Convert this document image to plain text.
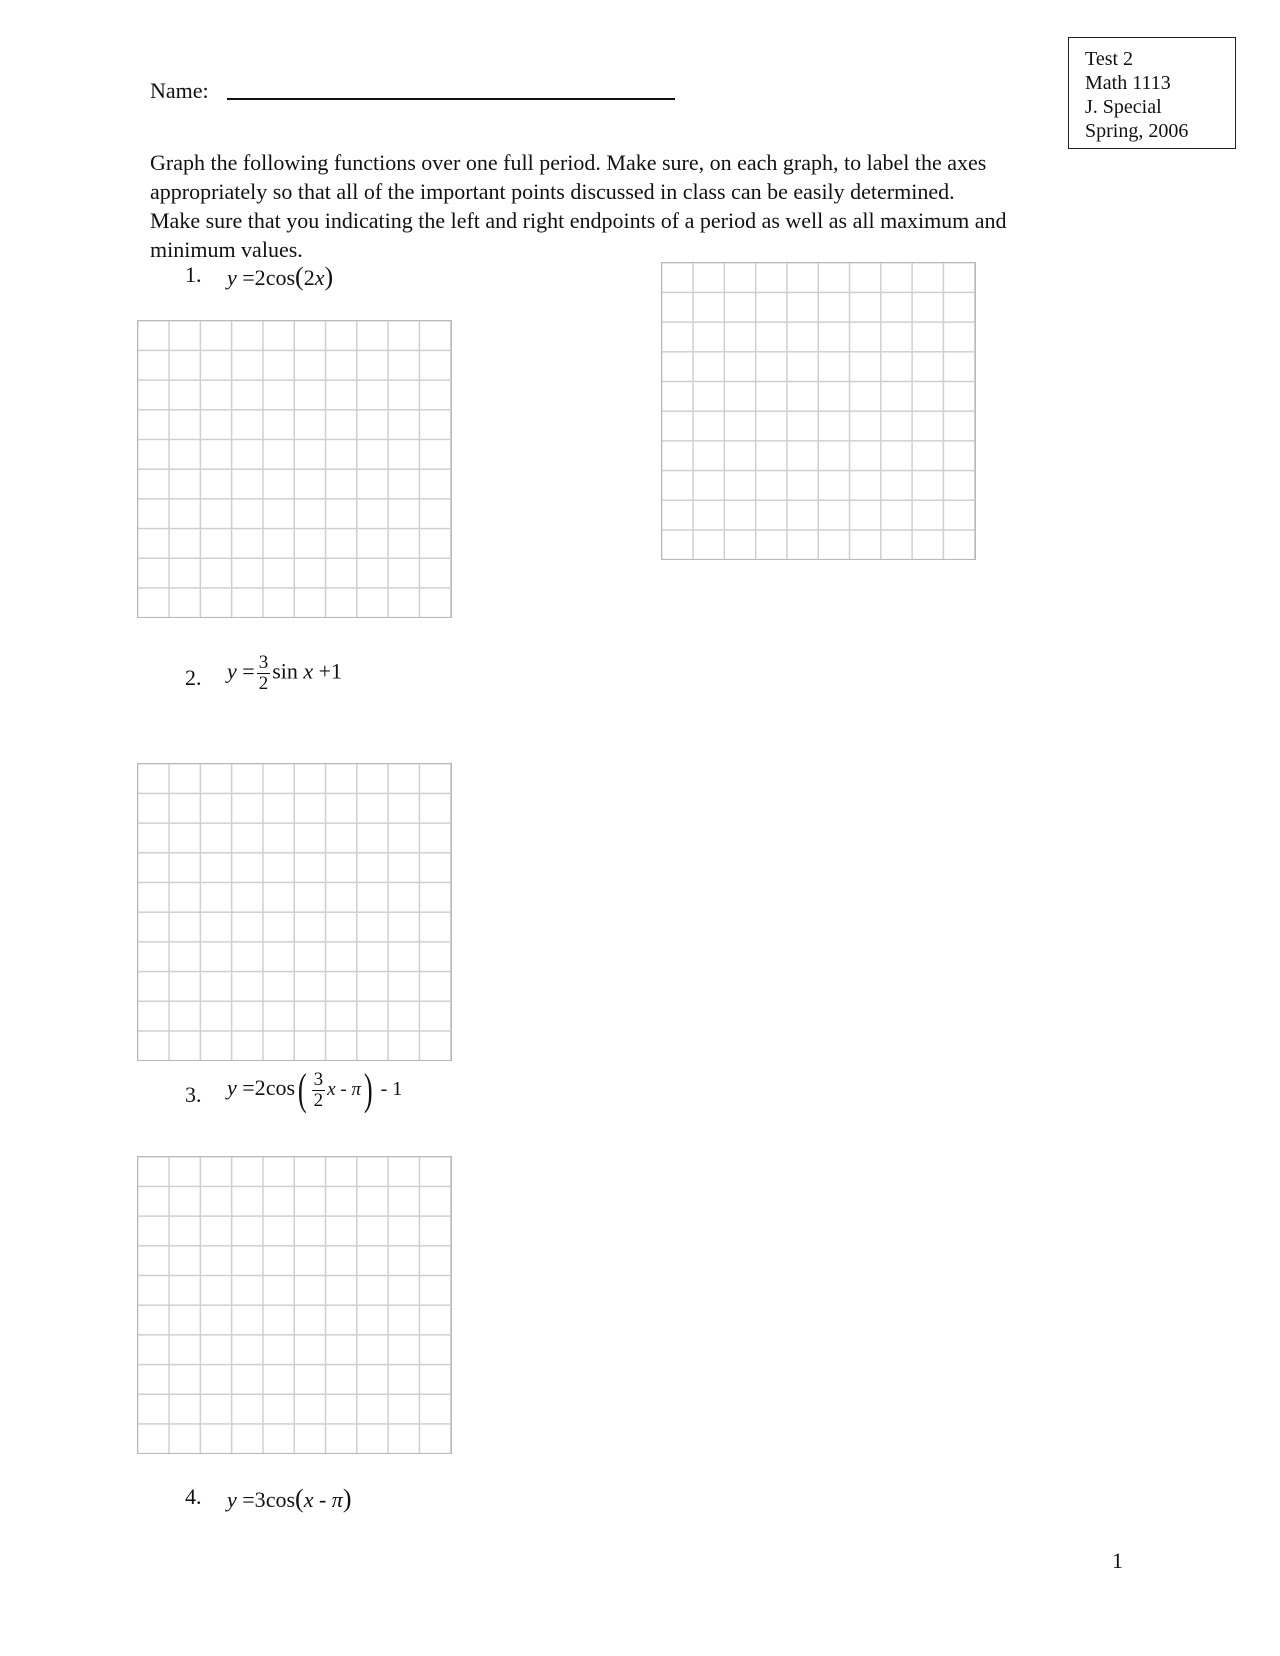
Test 2
Math 1113
J. Special
Spring, 2006
Name:
Graph the following functions over one full period. Make sure, on each graph, to label the axes
appropriately so that all of the important points discussed in class can be easily determined.
Make sure that you indicating the left and right endpoints of a period as well as all maximum and
minimum values.
1. y =2cos(2x)
2. $y = \frac{3}{2}$ sin x +1
3. $y =2\cos( \frac{3}{2}$ x - π) - 1
4. y =3cos(x - π)
1
